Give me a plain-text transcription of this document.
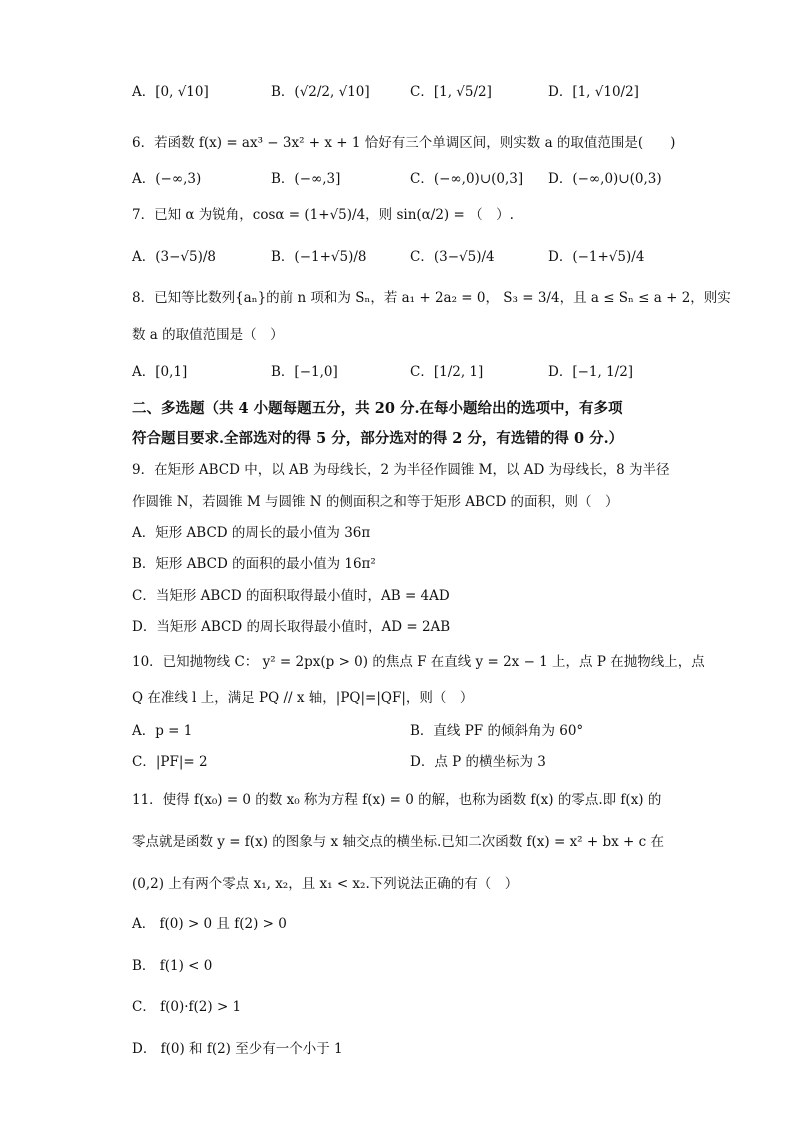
A．[0, √10]	B．(√2/2, √10]	C．[1, √5/2]	D．[1, √10/2]
6．若函数 f(x) = ax³ − 3x² + x + 1 恰好有三个单调区间，则实数 a 的取值范围是(　　)
A．(−∞,3)	B．(−∞,3]	C．(−∞,0)∪(0,3] D．(−∞,0)∪(0,3)
7．已知 α 为锐角，cosα = (1+√5)/4，则 sin(α/2) = （　）.
A．(3−√5)/8	B．(−1+√5)/8	C．(3−√5)/4	D．(−1+√5)/4
8．已知等比数列{aₙ}的前 n 项和为 Sₙ，若 a₁ + 2a₂ = 0， S₃ = 3/4，且 a ≤ Sₙ ≤ a + 2，则实
数 a 的取值范围是（　）
A．[0,1]	B．[−1,0]	C．[1/2, 1]	D．[−1, 1/2]
二、多选题（共 4 小题每题五分，共 20 分.在每小题给出的选项中，有多项
符合题目要求.全部选对的得 5 分，部分选对的得 2 分，有选错的得 0 分.）
9．在矩形 ABCD 中，以 AB 为母线长，2 为半径作圆锥 M，以 AD 为母线长，8 为半径
作圆锥 N，若圆锥 M 与圆锥 N 的侧面积之和等于矩形 ABCD 的面积，则（　）
A．矩形 ABCD 的周长的最小值为 36π
B．矩形 ABCD 的面积的最小值为 16π²
C．当矩形 ABCD 的面积取得最小值时，AB = 4AD
D．当矩形 ABCD 的周长取得最小值时，AD = 2AB
10．已知抛物线 C： y² = 2px(p > 0) 的焦点 F 在直线 y = 2x − 1 上，点 P 在抛物线上，点
Q 在准线 l 上，满足 PQ // x 轴，|PQ|=|QF|，则（　）
A．p = 1	B．直线 PF 的倾斜角为 60°
C．|PF|= 2	D．点 P 的横坐标为 3
11．使得 f(x₀) = 0 的数 x₀ 称为方程 f(x) = 0 的解，也称为函数 f(x) 的零点.即 f(x) 的
零点就是函数 y = f(x) 的图象与 x 轴交点的横坐标.已知二次函数 f(x) = x² + bx + c 在
(0,2) 上有两个零点 x₁, x₂，且 x₁ < x₂.下列说法正确的有（　）
A． f(0) > 0 且 f(2) > 0
B． f(1) < 0
C． f(0)·f(2) > 1
D． f(0) 和 f(2) 至少有一个小于 1
